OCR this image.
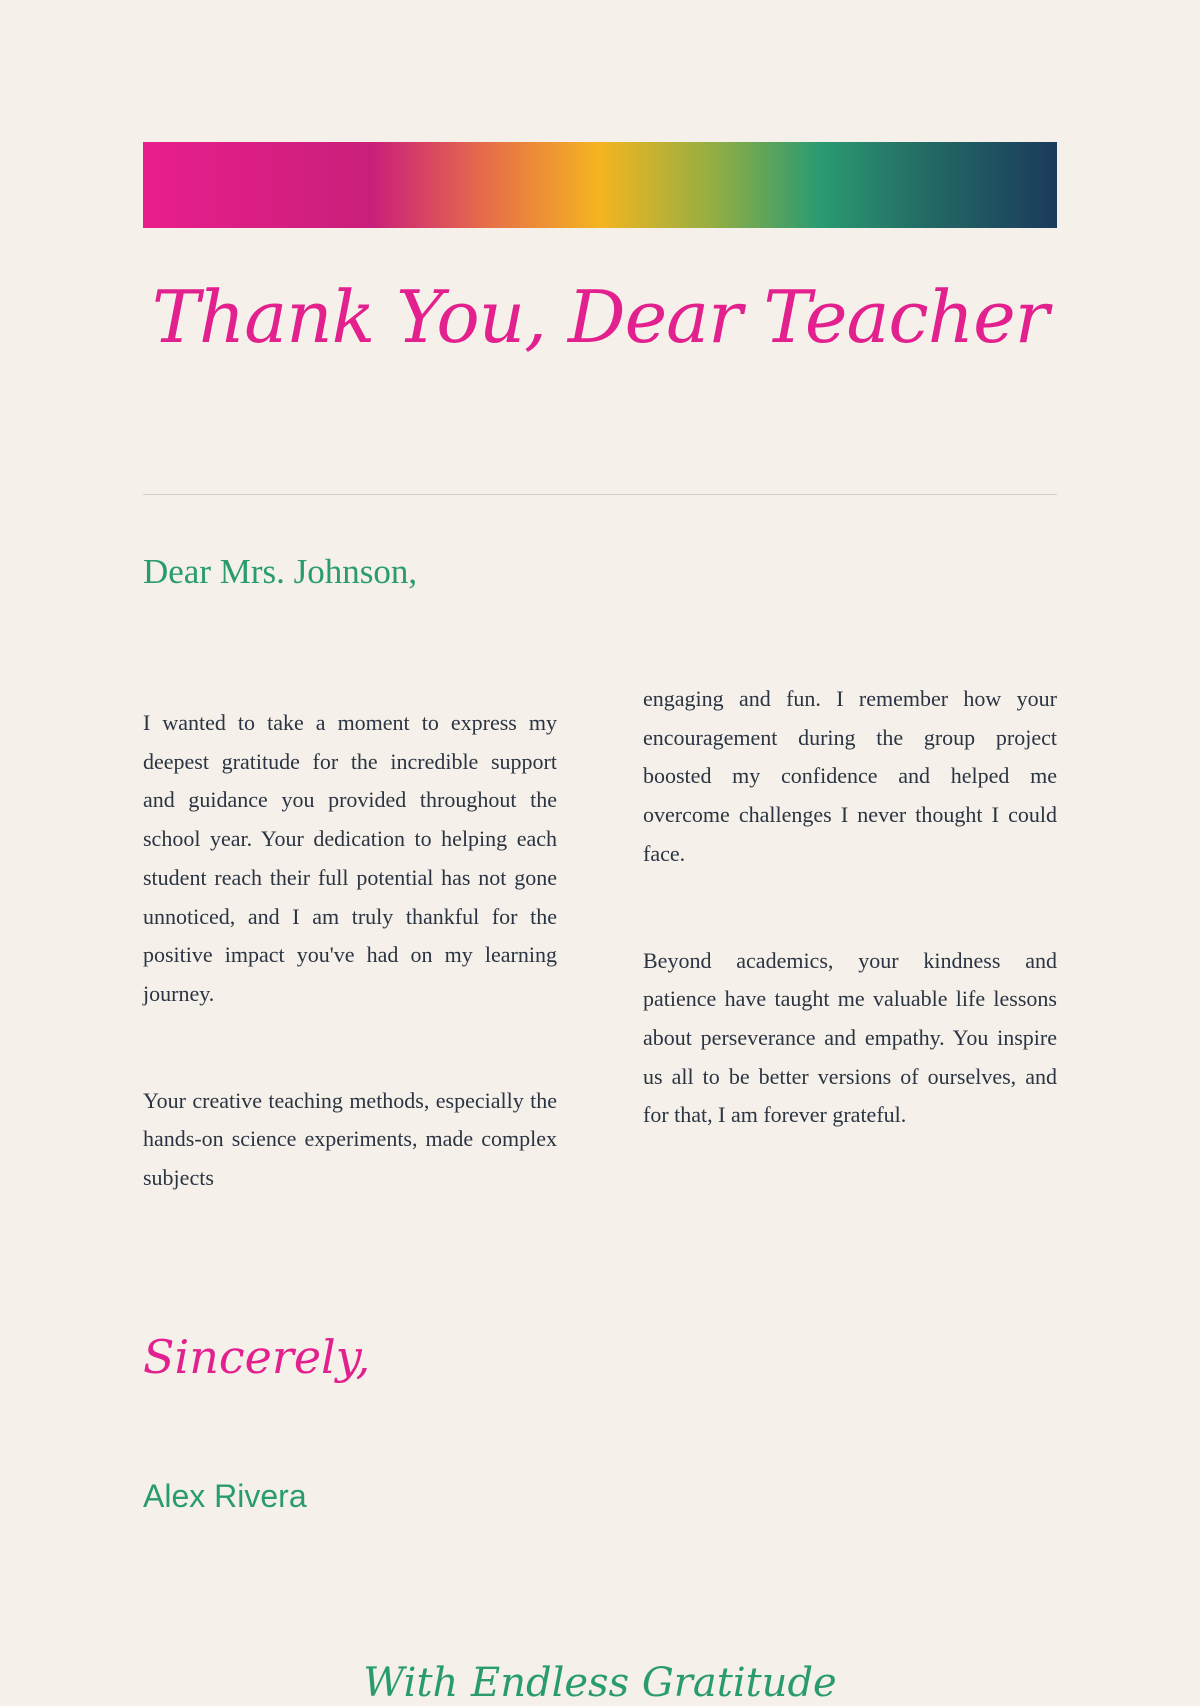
Thank You, Dear Teacher
Dear Mrs. Johnson,

I wanted to take a moment to express my deepest gratitude for the incredible support and guidance you provided throughout the school year. Your dedication to helping each student reach their full potential has not gone unnoticed, and I am truly thankful for the positive impact you've had on my learning journey.

Your creative teaching methods, especially the hands-on science experiments, made complex subjects

engaging and fun. I remember how your encouragement during the group project boosted my confidence and helped me overcome challenges I never thought I could face.

Beyond academics, your kindness and patience have taught me valuable life lessons about perseverance and empathy. You inspire us all to be better versions of ourselves, and for that, I am forever grateful.

Sincerely,
Alex Rivera
With Endless Gratitude
